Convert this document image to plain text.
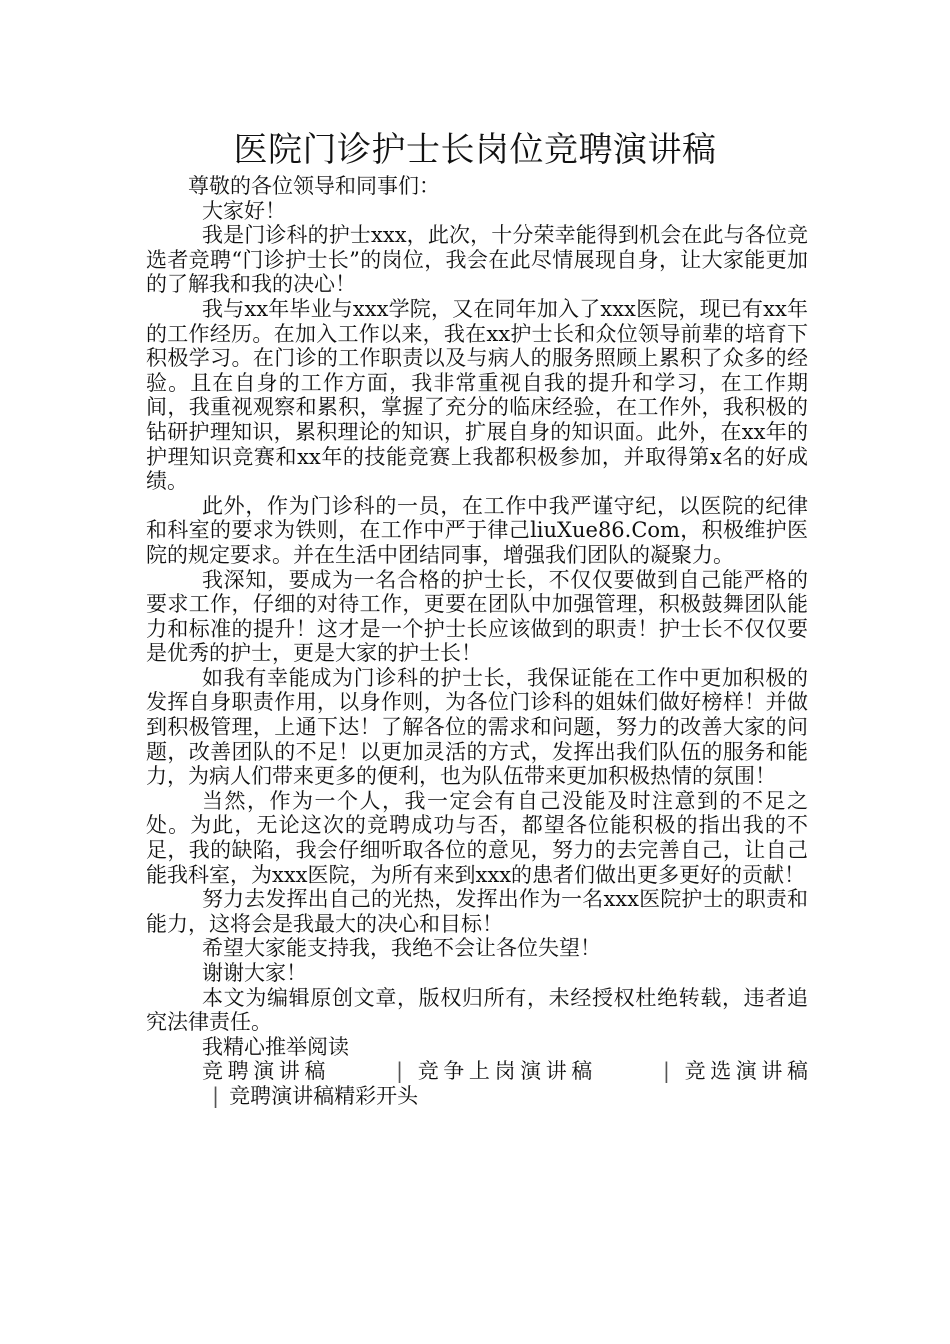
医院门诊护士长岗位竞聘演讲稿

尊敬的各位领导和同事们：

大家好！

我是门诊科的护士xxx，此次，十分荣幸能得到机会在此与各位竞选者竞聘“门诊护士长”的岗位，我会在此尽情展现自身，让大家能更加的了解我和我的决心！

我与xx年毕业与xxx学院，又在同年加入了xxx医院，现已有xx年的工作经历。在加入工作以来，我在xx护士长和众位领导前辈的培育下积极学习。在门诊的工作职责以及与病人的服务照顾上累积了众多的经验。且在自身的工作方面，我非常重视自我的提升和学习，在工作期间，我重视观察和累积，掌握了充分的临床经验，在工作外，我积极的钻研护理知识，累积理论的知识，扩展自身的知识面。此外，在xx年的护理知识竞赛和xx年的技能竞赛上我都积极参加，并取得第x名的好成绩。

此外，作为门诊科的一员，在工作中我严谨守纪，以医院的纪律和科室的要求为铁则，在工作中严于律己liuXue86.Com，积极维护医院的规定要求。并在生活中团结同事，增强我们团队的凝聚力。

我深知，要成为一名合格的护士长，不仅仅要做到自己能严格的要求工作，仔细的对待工作，更要在团队中加强管理，积极鼓舞团队能力和标准的提升！这才是一个护士长应该做到的职责！护士长不仅仅要是优秀的护士，更是大家的护士长！

如我有幸能成为门诊科的护士长，我保证能在工作中更加积极的发挥自身职责作用，以身作则，为各位门诊科的姐妹们做好榜样！并做到积极管理，上通下达！了解各位的需求和问题，努力的改善大家的问题，改善团队的不足！以更加灵活的方式，发挥出我们队伍的服务和能力，为病人们带来更多的便利，也为队伍带来更加积极热情的氛围！

当然，作为一个人，我一定会有自己没能及时注意到的不足之处。为此，无论这次的竞聘成功与否，都望各位能积极的指出我的不足，我的缺陷，我会仔细听取各位的意见，努力的去完善自己，让自己能我科室，为xxx医院，为所有来到xxx的患者们做出更多更好的贡献！

努力去发挥出自己的光热，发挥出作为一名xxx医院护士的职责和能力，这将会是我最大的决心和目标！

希望大家能支持我，我绝不会让各位失望！

谢谢大家！

本文为编辑原创文章，版权归所有，未经授权杜绝转载，违者追究法律责任。

我精心推举阅读

竞聘演讲稿	| 竞争上岗演讲稿	| 竞选演讲稿| 竞聘演讲稿精彩开头
